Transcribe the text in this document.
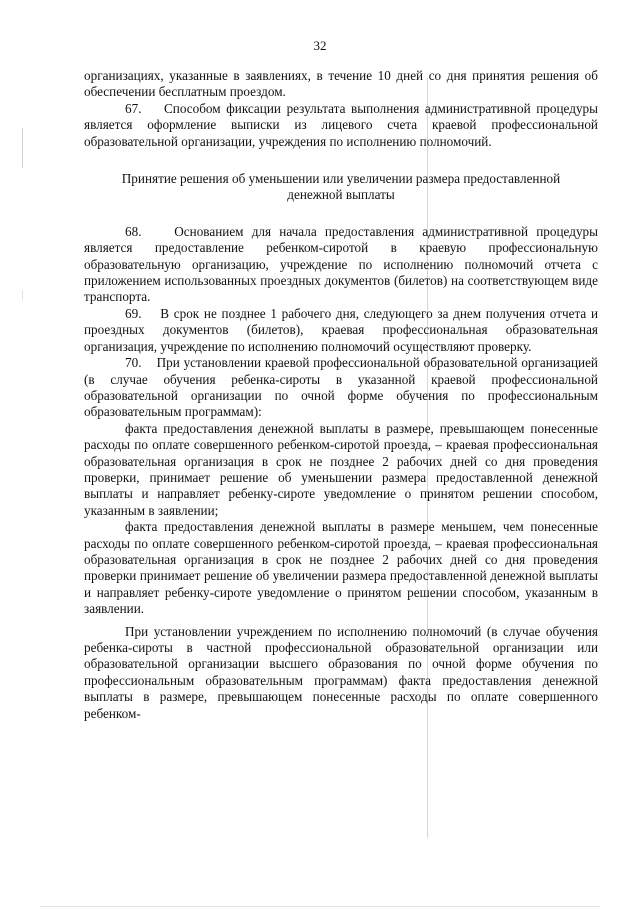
32

организациях, указанные в заявлениях, в течение 10 дней со дня принятия решения об обеспечении бесплатным проездом.

67.    Способом фиксации результата выполнения административной процедуры является оформление выписки из лицевого счета краевой профессиональной образовательной организации, учреждения по исполнению полномочий.

Принятие решения об уменьшении или увеличении размера предоставленной денежной выплаты

68.    Основанием для начала предоставления административной процедуры является предоставление ребенком-сиротой в краевую профессиональную образовательную организацию, учреждение по исполнению полномочий отчета с приложением использованных проездных документов (билетов) на соответствующем виде транспорта.

69.    В срок не позднее 1 рабочего дня, следующего за днем получения отчета и проездных документов (билетов), краевая профессиональная образовательная организация, учреждение по исполнению полномочий осуществляют проверку.

70.    При установлении краевой профессиональной образовательной организацией (в случае обучения ребенка-сироты в указанной краевой профессиональной образовательной организации по очной форме обучения по профессиональным образовательным программам):

факта предоставления денежной выплаты в размере, превышающем понесенные расходы по оплате совершенного ребенком-сиротой проезда, – краевая профессиональная образовательная организация в срок не позднее 2 рабочих дней со дня проведения проверки, принимает решение об уменьшении размера предоставленной денежной выплаты и направляет ребенку-сироте уведомление о принятом решении способом, указанным в заявлении;

факта предоставления денежной выплаты в размере меньшем, чем понесенные расходы по оплате совершенного ребенком-сиротой проезда, – краевая профессиональная образовательная организация в срок не позднее 2 рабочих дней со дня проведения проверки принимает решение об увеличении размера предоставленной денежной выплаты и направляет ребенку-сироте уведомление о принятом решении способом, указанным в заявлении.

При установлении учреждением по исполнению полномочий (в случае обучения ребенка-сироты в частной профессиональной образовательной организации или образовательной организации высшего образования по очной форме обучения по профессиональным образовательным программам) факта предоставления денежной выплаты в размере, превышающем понесенные расходы по оплате совершенного ребенком-
